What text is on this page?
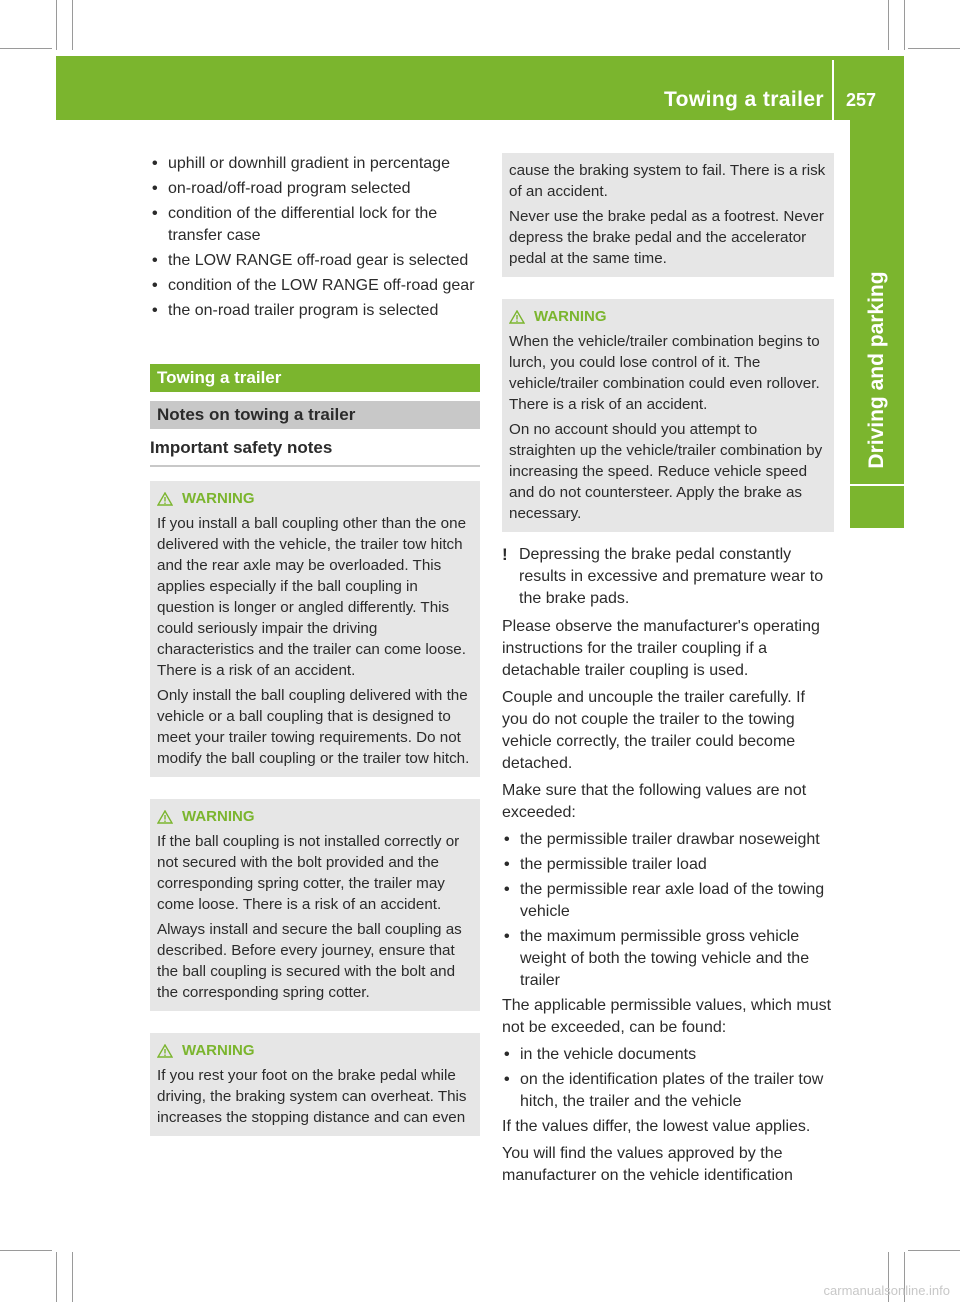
Towing a trailer 257
Driving and parking
• uphill or downhill gradient in percentage
• on-road/off-road program selected
• condition of the differential lock for the transfer case
• the LOW RANGE off-road gear is selected
• condition of the LOW RANGE off-road gear
• the on-road trailer program is selected
Towing a trailer
Notes on towing a trailer
Important safety notes
WARNING

If you install a ball coupling other than the one delivered with the vehicle, the trailer tow hitch and the rear axle may be overloaded. This applies especially if the ball coupling in question is longer or angled differently. This could seriously impair the driving characteristics and the trailer can come loose. There is a risk of an accident.

Only install the ball coupling delivered with the vehicle or a ball coupling that is designed to meet your trailer towing requirements. Do not modify the ball coupling or the trailer tow hitch.

WARNING

If the ball coupling is not installed correctly or not secured with the bolt provided and the corresponding spring cotter, the trailer may come loose. There is a risk of an accident.

Always install and secure the ball coupling as described. Before every journey, ensure that the ball coupling is secured with the bolt and the corresponding spring cotter.

WARNING

If you rest your foot on the brake pedal while driving, the braking system can overheat. This increases the stopping distance and can even

cause the braking system to fail. There is a risk of an accident.

Never use the brake pedal as a footrest. Never depress the brake pedal and the accelerator pedal at the same time.

WARNING

When the vehicle/trailer combination begins to lurch, you could lose control of it. The vehicle/trailer combination could even rollover. There is a risk of an accident.

On no account should you attempt to straighten up the vehicle/trailer combination by increasing the speed. Reduce vehicle speed and do not countersteer. Apply the brake as necessary.

! Depressing the brake pedal constantly results in excessive and premature wear to the brake pads.

Please observe the manufacturer's operating instructions for the trailer coupling if a detachable trailer coupling is used.

Couple and uncouple the trailer carefully. If you do not couple the trailer to the towing vehicle correctly, the trailer could become detached.

Make sure that the following values are not exceeded:

• the permissible trailer drawbar noseweight
• the permissible trailer load
• the permissible rear axle load of the towing vehicle
• the maximum permissible gross vehicle weight of both the towing vehicle and the trailer

The applicable permissible values, which must not be exceeded, can be found:

• in the vehicle documents
• on the identification plates of the trailer tow hitch, the trailer and the vehicle

If the values differ, the lowest value applies.

You will find the values approved by the manufacturer on the vehicle identification

carmanualsonline.info
